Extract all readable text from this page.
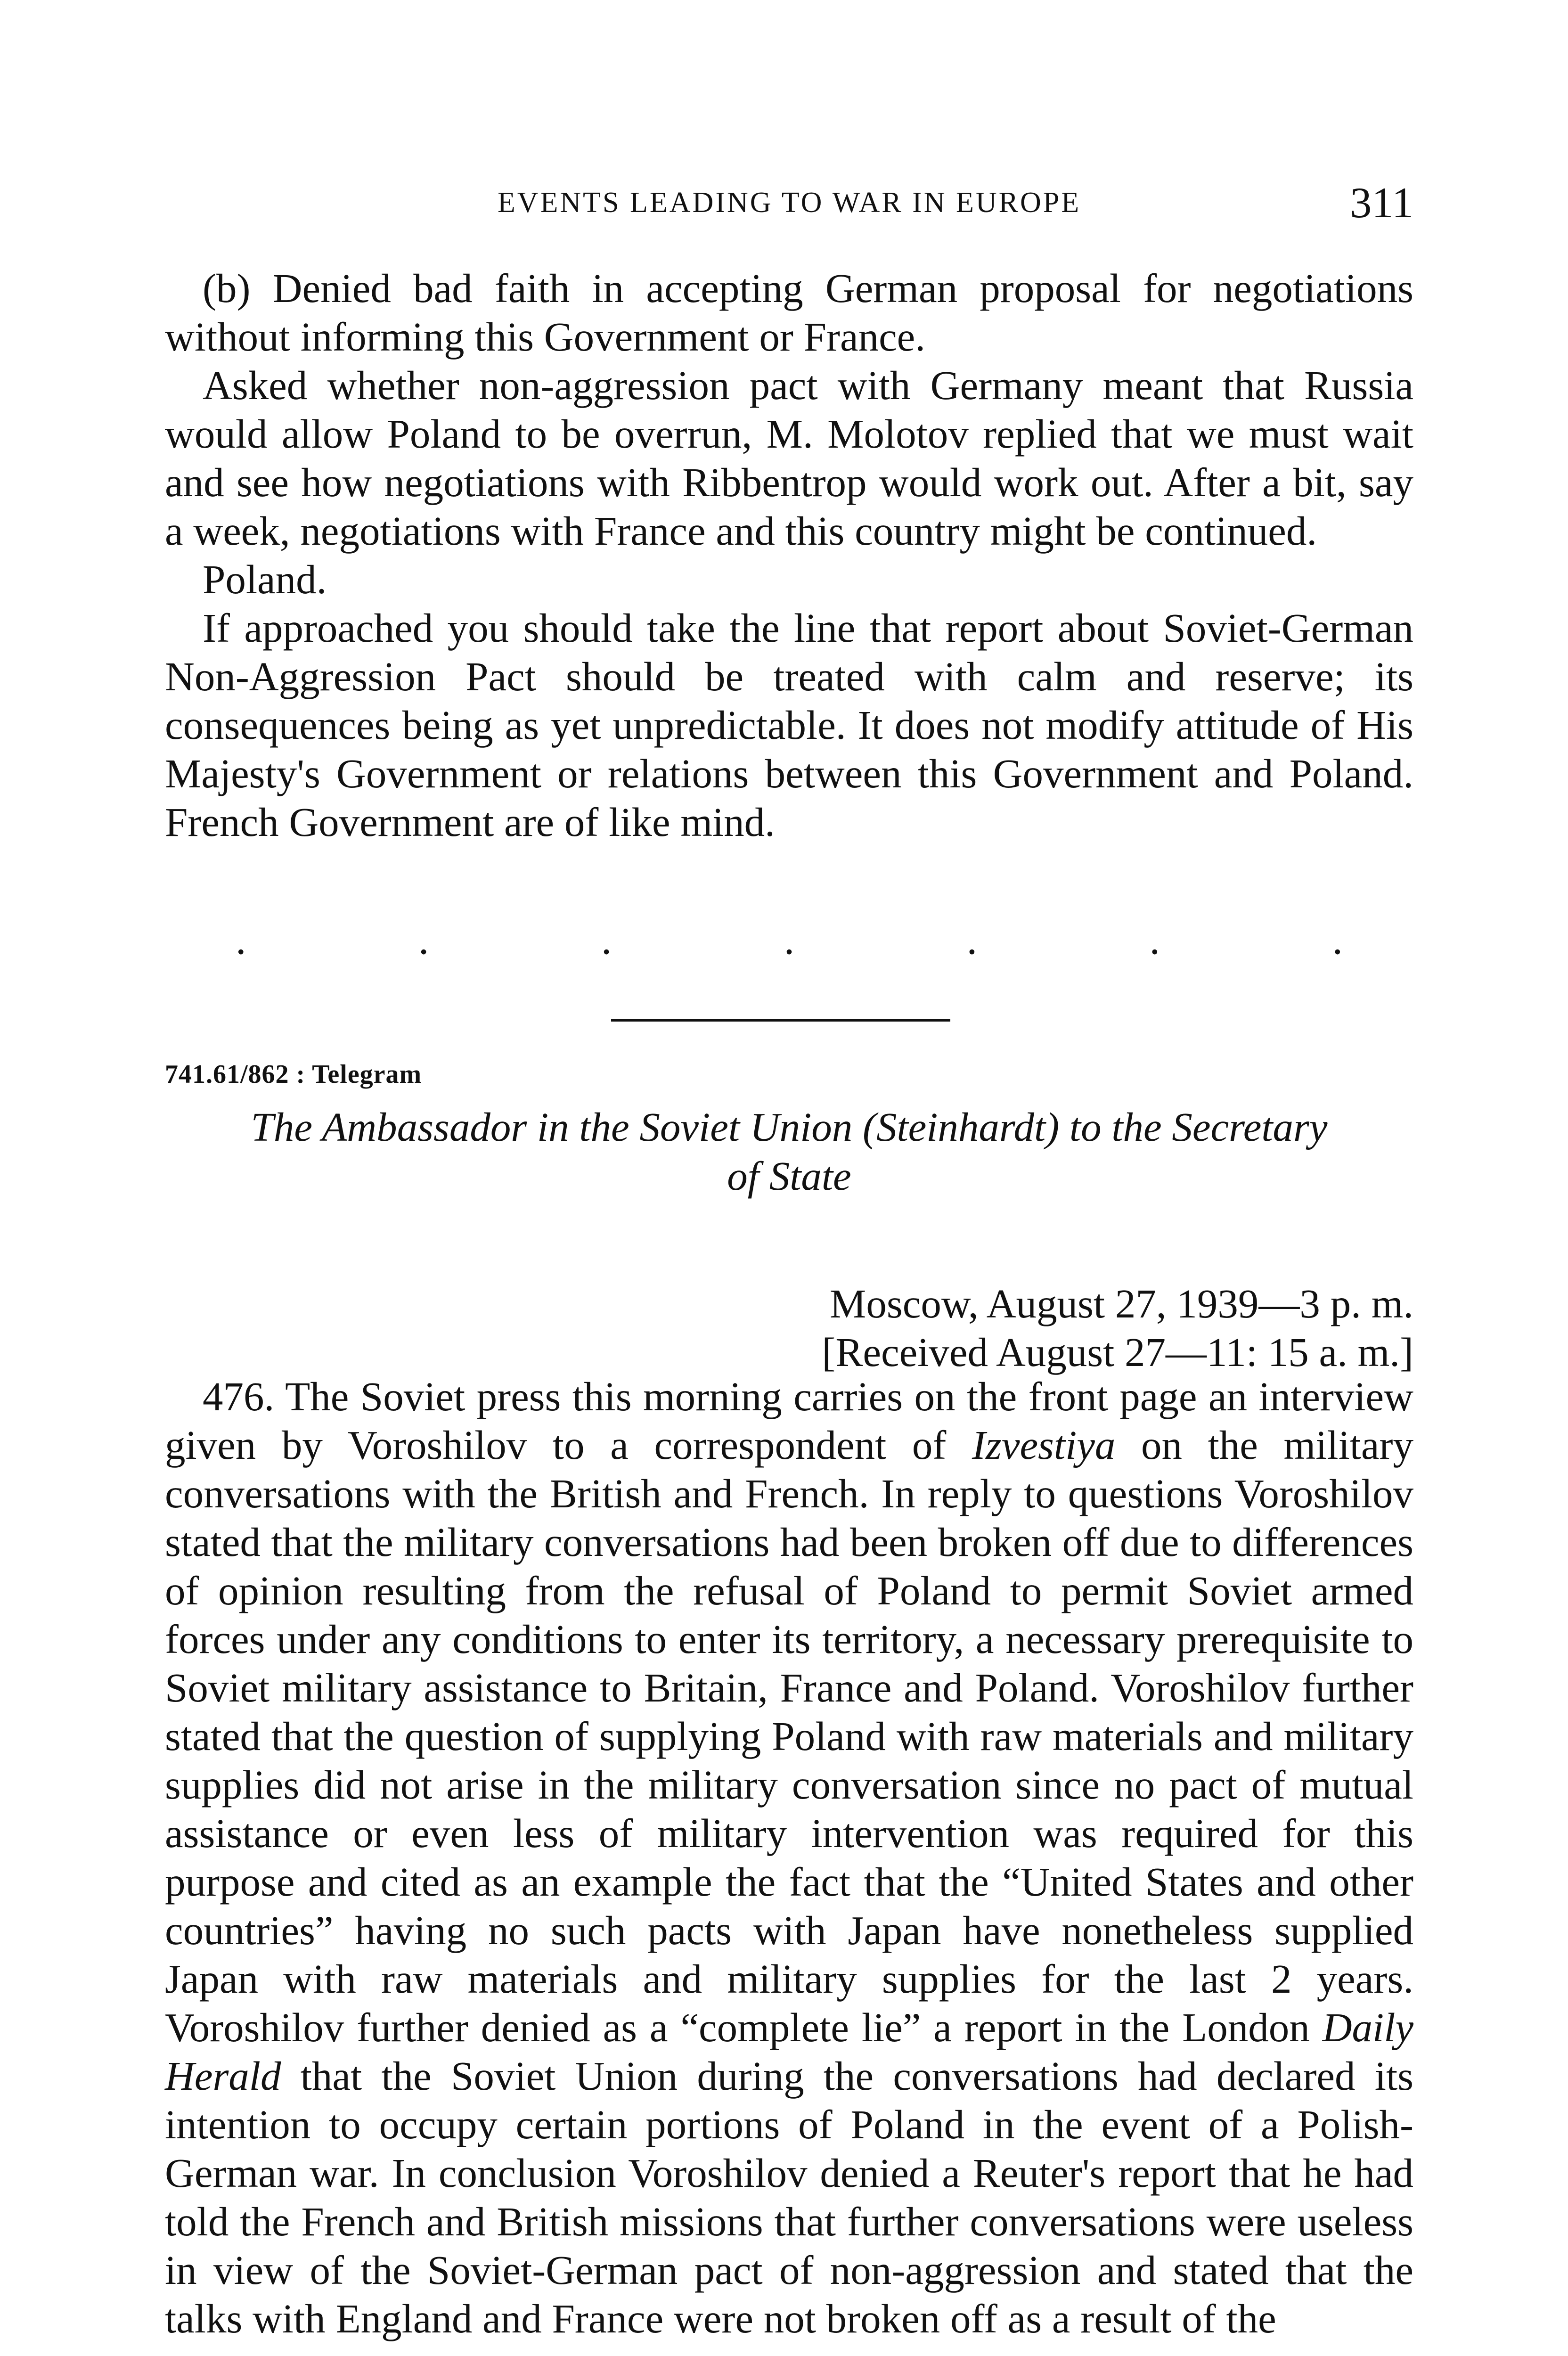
EVENTS LEADING TO WAR IN EUROPE	311

(b) Denied bad faith in accepting German proposal for negotiations without informing this Government or France.

Asked whether non-aggression pact with Germany meant that Russia would allow Poland to be overrun, M. Molotov replied that we must wait and see how negotiations with Ribbentrop would work out. After a bit, say a week, negotiations with France and this country might be continued.

Poland.

If approached you should take the line that report about Soviet-German Non-Aggression Pact should be treated with calm and reserve; its consequences being as yet unpredictable. It does not modify attitude of His Majesty's Government or relations between this Government and Poland. French Government are of like mind.

.	.	.	.	.	.	.
741.61/862 : Telegram
The Ambassador in the Soviet Union (Steinhardt) to the Secretary
of State
Moscow, August 27, 1939—3 p. m.
[Received August 27—11: 15 a. m.]

476. The Soviet press this morning carries on the front page an interview given by Voroshilov to a correspondent of Izvestiya on the military conversations with the British and French. In reply to questions Voroshilov stated that the military conversations had been broken off due to differences of opinion resulting from the refusal of Poland to permit Soviet armed forces under any conditions to enter its territory, a necessary prerequisite to Soviet military assistance to Britain, France and Poland. Voroshilov further stated that the question of supplying Poland with raw materials and military supplies did not arise in the military conversation since no pact of mutual assistance or even less of military intervention was required for this purpose and cited as an example the fact that the “United States and other countries” having no such pacts with Japan have nonetheless supplied Japan with raw materials and military supplies for the last 2 years. Voroshilov further denied as a “complete lie” a report in the London Daily Herald that the Soviet Union during the conversations had declared its intention to occupy certain portions of Poland in the event of a Polish-German war. In conclusion Voroshilov denied a Reuter's report that he had told the French and British missions that further conversations were useless in view of the Soviet-German pact of non-aggression and stated that the talks with England and France were not broken off as a result of the
